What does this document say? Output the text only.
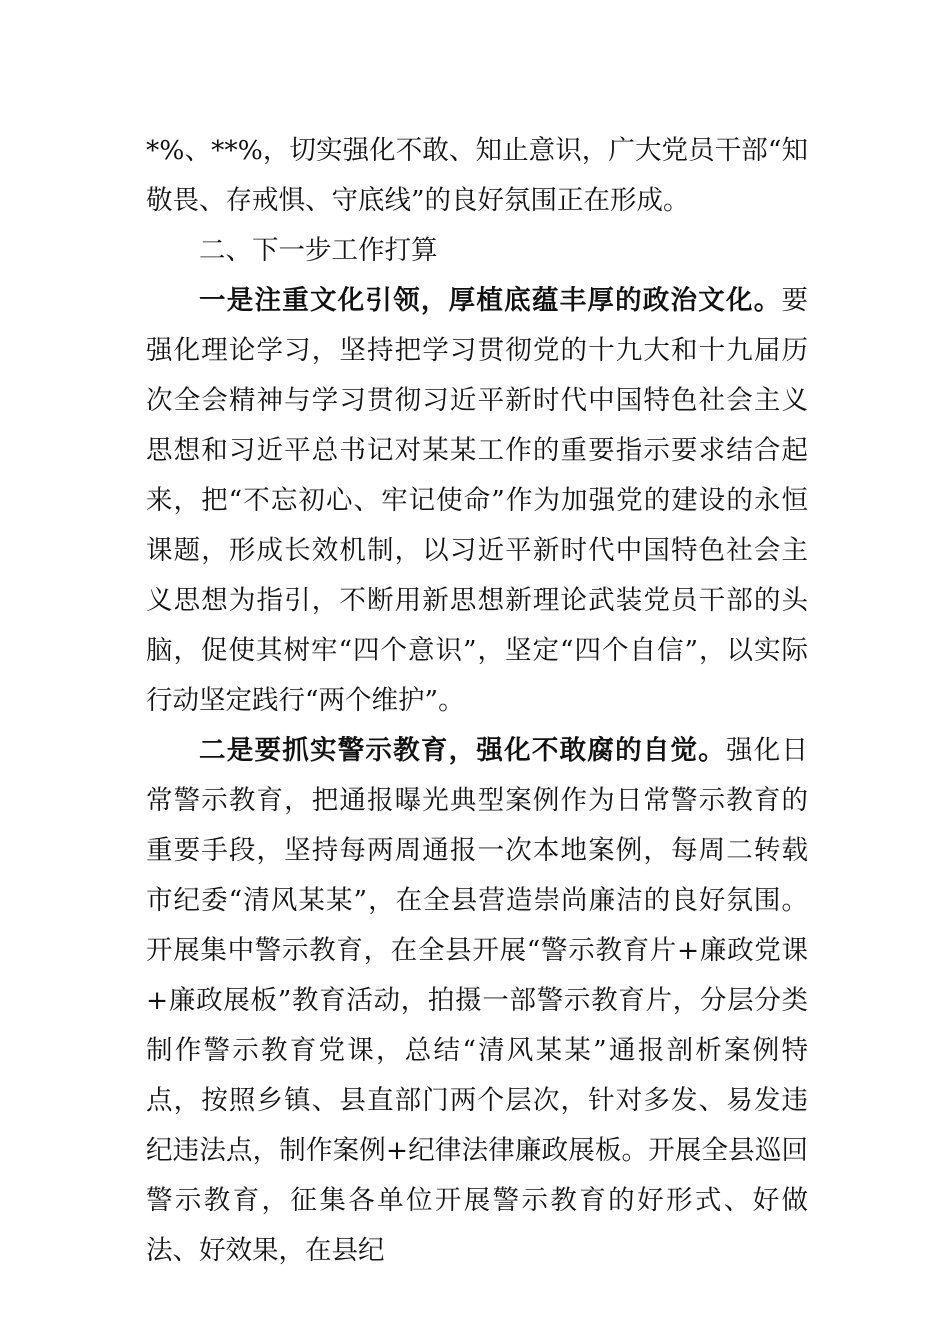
*%、**%，切实强化不敢、知止意识，广大党员干部“知敬畏、存戒惧、守底线”的良好氛围正在形成。

二、下一步工作打算

一是注重文化引领，厚植底蕴丰厚的政治文化。要强化理论学习，坚持把学习贯彻党的十九大和十九届历次全会精神与学习贯彻习近平新时代中国特色社会主义思想和习近平总书记对某某工作的重要指示要求结合起来，把“不忘初心、牢记使命”作为加强党的建设的永恒课题，形成长效机制，以习近平新时代中国特色社会主义思想为指引，不断用新思想新理论武装党员干部的头脑，促使其树牢“四个意识”，坚定“四个自信”，以实际行动坚定践行“两个维护”。

二是要抓实警示教育，强化不敢腐的自觉。强化日常警示教育，把通报曝光典型案例作为日常警示教育的重要手段，坚持每两周通报一次本地案例，每周二转载市纪委“清风某某”，在全县营造崇尚廉洁的良好氛围。开展集中警示教育，在全县开展“警示教育片+廉政党课+廉政展板”教育活动，拍摄一部警示教育片，分层分类制作警示教育党课，总结“清风某某”通报剖析案例特点，按照乡镇、县直部门两个层次，针对多发、易发违纪违法点，制作案例+纪律法律廉政展板。开展全县巡回警示教育，征集各单位开展警示教育的好形式、好做法、好效果，在县纪
